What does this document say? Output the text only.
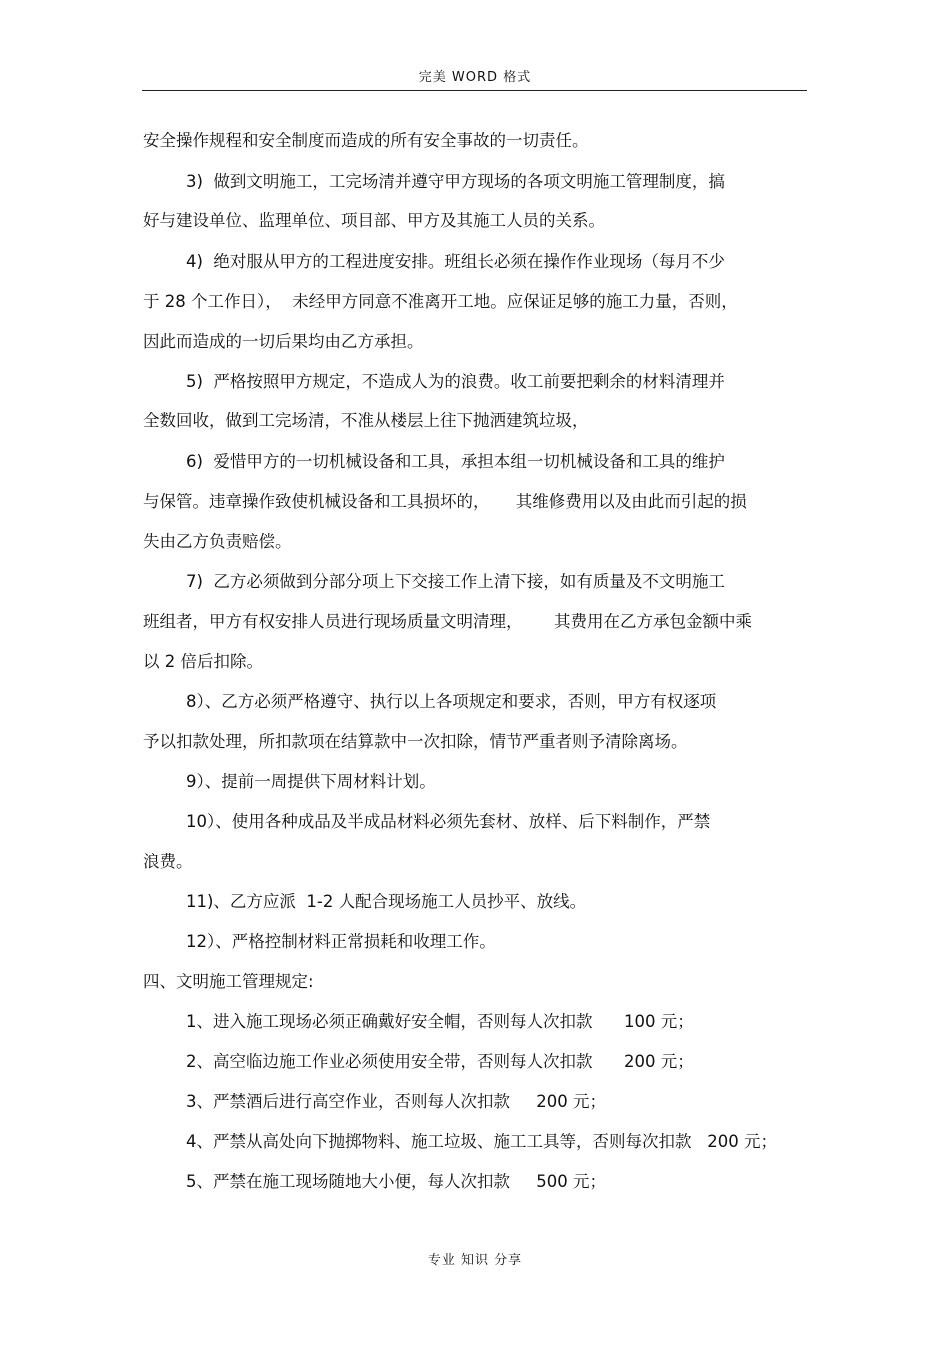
完美 WORD 格式
安全操作规程和安全制度而造成的所有安全事故的一切责任。
3)  做到文明施工，工完场清并遵守甲方现场的各项文明施工管理制度，搞
好与建设单位、监理单位、项目部、甲方及其施工人员的关系。
4)  绝对服从甲方的工程进度安排。班组长必须在操作作业现场（每月不少
于 28 个工作日），  未经甲方同意不准离开工地。应保证足够的施工力量，否则，
因此而造成的一切后果均由乙方承担。
5)  严格按照甲方规定，不造成人为的浪费。收工前要把剩余的材料清理并
全数回收，做到工完场清，不准从楼层上往下抛洒建筑垃圾，
6)  爱惜甲方的一切机械设备和工具，承担本组一切机械设备和工具的维护
与保管。违章操作致使机械设备和工具损坏的，     其维修费用以及由此而引起的损
失由乙方负责赔偿。
7)  乙方必须做到分部分项上下交接工作上清下接，如有质量及不文明施工
班组者，甲方有权安排人员进行现场质量文明清理，      其费用在乙方承包金额中乘
以 2 倍后扣除。
8）、乙方必须严格遵守、执行以上各项规定和要求，否则，甲方有权逐项
予以扣款处理，所扣款项在结算款中一次扣除，情节严重者则予清除离场。
9）、提前一周提供下周材料计划。
10）、使用各种成品及半成品材料必须先套材、放样、后下料制作，严禁
浪费。
11)、乙方应派  1-2 人配合现场施工人员抄平、放线。
12）、严格控制材料正常损耗和收理工作。
四、文明施工管理规定:
1、进入施工现场必须正确戴好安全帽，否则每人次扣款      100 元；
2、高空临边施工作业必须使用安全带，否则每人次扣款      200 元；
3、严禁酒后进行高空作业，否则每人次扣款     200 元；
4、严禁从高处向下抛掷物料、施工垃圾、施工工具等，否则每次扣款   200 元；
5、严禁在施工现场随地大小便，每人次扣款     500 元；
专业 知识 分享
